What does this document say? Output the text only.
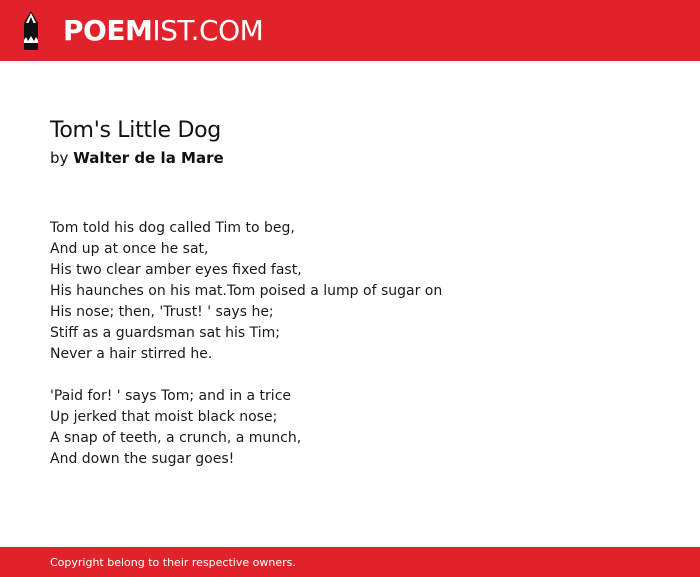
POEMIST.COM
Tom's Little Dog
by Walter de la Mare
Tom told his dog called Tim to beg,
And up at once he sat,
His two clear amber eyes fixed fast,
His haunches on his mat.Tom poised a lump of sugar on
His nose; then, 'Trust! ' says he;
Stiff as a guardsman sat his Tim;
Never a hair stirred he.
'Paid for! ' says Tom; and in a trice
Up jerked that moist black nose;
A snap of teeth, a crunch, a munch,
And down the sugar goes!
Copyright belong to their respective owners.
